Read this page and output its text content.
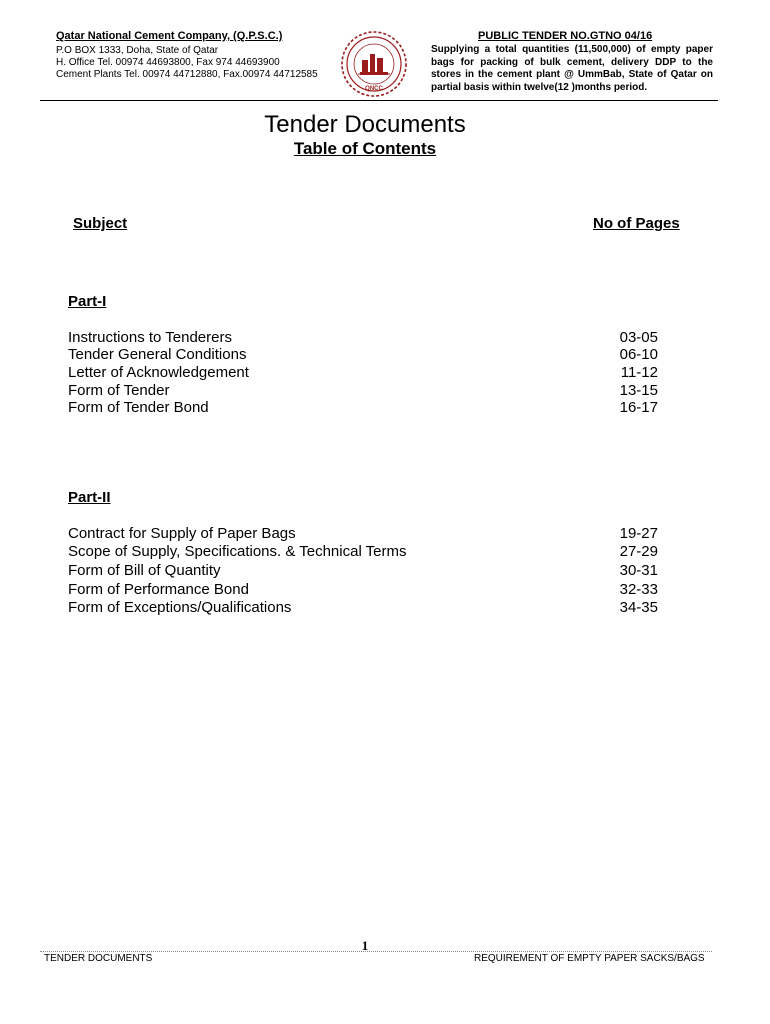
Qatar National Cement Company, (Q.P.S.C.)
P.O BOX 1333, Doha, State of Qatar
H. Office Tel. 00974 44693800, Fax 974 44693900
Cement Plants Tel. 00974 44712880, Fax.00974 44712585
QNCC
PUBLIC TENDER NO.GTNO 04/16
Supplying a total quantities (11,500,000) of empty paper bags for packing of bulk cement, delivery DDP to the stores in the cement plant @ UmmBab, State of Qatar on partial basis within twelve(12 )months period.
Tender Documents
Table of Contents
Subject	No of Pages
Part-I
Instructions to Tenderers	03-05
Tender General Conditions	06-10
Letter of Acknowledgement	11-12
Form of Tender	13-15
Form of Tender Bond	16-17
Part-II
Contract for Supply of Paper Bags	19-27
Scope of Supply, Specifications. & Technical Terms	27-29
Form of Bill of Quantity	30-31
Form of Performance Bond	32-33
Form of Exceptions/Qualifications	34-35
1
TENDER DOCUMENTS	REQUIREMENT OF EMPTY PAPER SACKS/BAGS
